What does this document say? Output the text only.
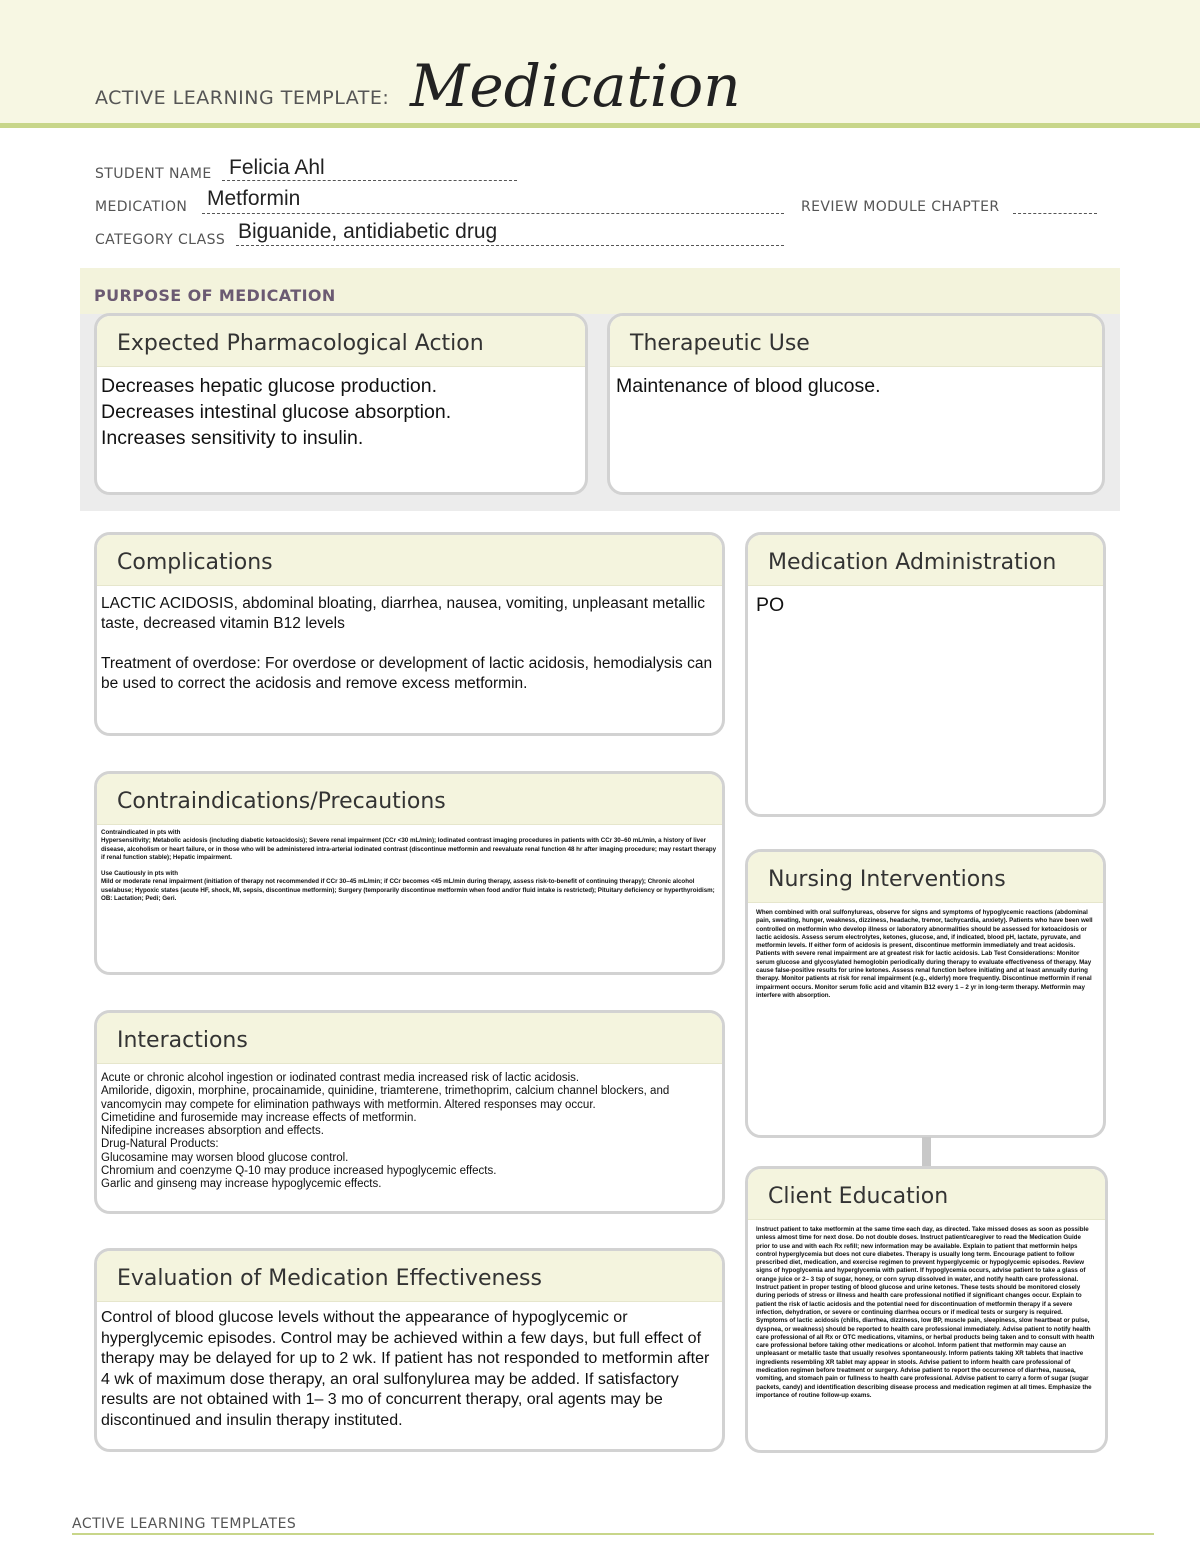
ACTIVE LEARNING TEMPLATE: Medication
STUDENT NAME Felicia Ahl
MEDICATION Metformin	REVIEW MODULE CHAPTER
CATEGORY CLASS Biguanide, antidiabetic drug
PURPOSE OF MEDICATION
Expected Pharmacological Action
Decreases hepatic glucose production.
Decreases intestinal glucose absorption.
Increases sensitivity to insulin.
Therapeutic Use
Maintenance of blood glucose.
Complications

LACTIC ACIDOSIS, abdominal bloating, diarrhea, nausea, vomiting, unpleasant metallic taste, decreased vitamin B12 levels

Treatment of overdose: For overdose or development of lactic acidosis, hemodialysis can be used to correct the acidosis and remove excess metformin.

Medication Administration
PO
Contraindications/Precautions
Contraindicated in pts with
Hypersensitivity; Metabolic acidosis (including diabetic ketoacidosis); Severe renal impairment (CCr <30 mL/min); Iodinated contrast imaging procedures in patients with CCr 30–60 mL/min, a history of liver disease, alcoholism or heart failure, or in those who will be administered intra-arterial iodinated contrast (discontinue metformin and reevaluate renal function 48 hr after imaging procedure; may restart therapy if renal function stable); Hepatic impairment.
Use Cautiously in pts with
Mild or moderate renal impairment (initiation of therapy not recommended if CCr 30–45 mL/min; if CCr becomes <45 mL/min during therapy, assess risk-to-benefit of continuing therapy); Chronic alcohol use/abuse; Hypoxic states (acute HF, shock, MI, sepsis, discontinue metformin); Surgery (temporarily discontinue metformin when food and/or fluid intake is restricted); Pituitary deficiency or hyperthyroidism; OB: Lactation; Pedi; Geri.
Nursing Interventions
When combined with oral sulfonylureas, observe for signs and symptoms of hypoglycemic reactions (abdominal pain, sweating, hunger, weakness, dizziness, headache, tremor, tachycardia, anxiety). Patients who have been well controlled on metformin who develop illness or laboratory abnormalities should be assessed for ketoacidosis or lactic acidosis. Assess serum electrolytes, ketones, glucose, and, if indicated, blood pH, lactate, pyruvate, and metformin levels. If either form of acidosis is present, discontinue metformin immediately and treat acidosis. Patients with severe renal impairment are at greatest risk for lactic acidosis. Lab Test Considerations: Monitor serum glucose and glycosylated hemoglobin periodically during therapy to evaluate effectiveness of therapy. May cause false-positive results for urine ketones. Assess renal function before initiating and at least annually during therapy. Monitor patients at risk for renal impairment (e.g., elderly) more frequently. Discontinue metformin if renal impairment occurs. Monitor serum folic acid and vitamin B12 every 1 – 2 yr in long-term therapy. Metformin may interfere with absorption.
Interactions
Acute or chronic alcohol ingestion or iodinated contrast media increased risk of lactic acidosis.
Amiloride, digoxin, morphine, procainamide, quinidine, triamterene, trimethoprim, calcium channel blockers, and vancomycin may compete for elimination pathways with metformin. Altered responses may occur.
Cimetidine and furosemide may increase effects of metformin.
Nifedipine increases absorption and effects.
Drug-Natural Products:
Glucosamine may worsen blood glucose control.
Chromium and coenzyme Q-10 may produce increased hypoglycemic effects.
Garlic and ginseng may increase hypoglycemic effects.	Client Education
Instruct patient to take metformin at the same time each day, as directed. Take missed doses as soon as possible unless almost time for next dose. Do not double doses. Instruct patient/caregiver to read the Medication Guide prior to use and with each Rx refill; new information may be available. Explain to patient that metformin helps control hyperglycemia but does not cure diabetes. Therapy is usually long term. Encourage patient to follow prescribed diet, medication, and exercise regimen to prevent hyperglycemic or hypoglycemic episodes. Review signs of hypoglycemia and hyperglycemia with patient. If hypoglycemia occurs, advise patient to take a glass of orange juice or 2– 3 tsp of sugar, honey, or corn syrup dissolved in water, and notify health care professional. Instruct patient in proper testing of blood glucose and urine ketones. These tests should be monitored closely during periods of stress or illness and health care professional notified if significant changes occur. Explain to patient the risk of lactic acidosis and the potential need for discontinuation of metformin therapy if a severe infection, dehydration, or severe or continuing diarrhea occurs or if medical tests or surgery is required. Symptoms of lactic acidosis (chills, diarrhea, dizziness, low BP, muscle pain, sleepiness, slow heartbeat or pulse, dyspnea, or weakness) should be reported to health care professional immediately. Advise patient to notify health care professional of all Rx or OTC medications, vitamins, or herbal products being taken and to consult with health care professional before taking other medications or alcohol. Inform patient that metformin may cause an unpleasant or metallic taste that usually resolves spontaneously. Inform patients taking XR tablets that inactive ingredients resembling XR tablet may appear in stools. Advise patient to inform health care professional of medication regimen before treatment or surgery. Advise patient to report the occurrence of diarrhea, nausea, vomiting, and stomach pain or fullness to health care professional. Advise patient to carry a form of sugar (sugar packets, candy) and identification describing disease process and medication regimen at all times. Emphasize the importance of routine follow-up exams.
Evaluation of Medication Effectiveness
Control of blood glucose levels without the appearance of hypoglycemic or hyperglycemic episodes. Control may be achieved within a few days, but full effect of therapy may be delayed for up to 2 wk. If patient has not responded to metformin after 4 wk of maximum dose therapy, an oral sulfonylurea may be added. If satisfactory results are not obtained with 1– 3 mo of concurrent therapy, oral agents may be discontinued and insulin therapy instituted.
ACTIVE LEARNING TEMPLATES
